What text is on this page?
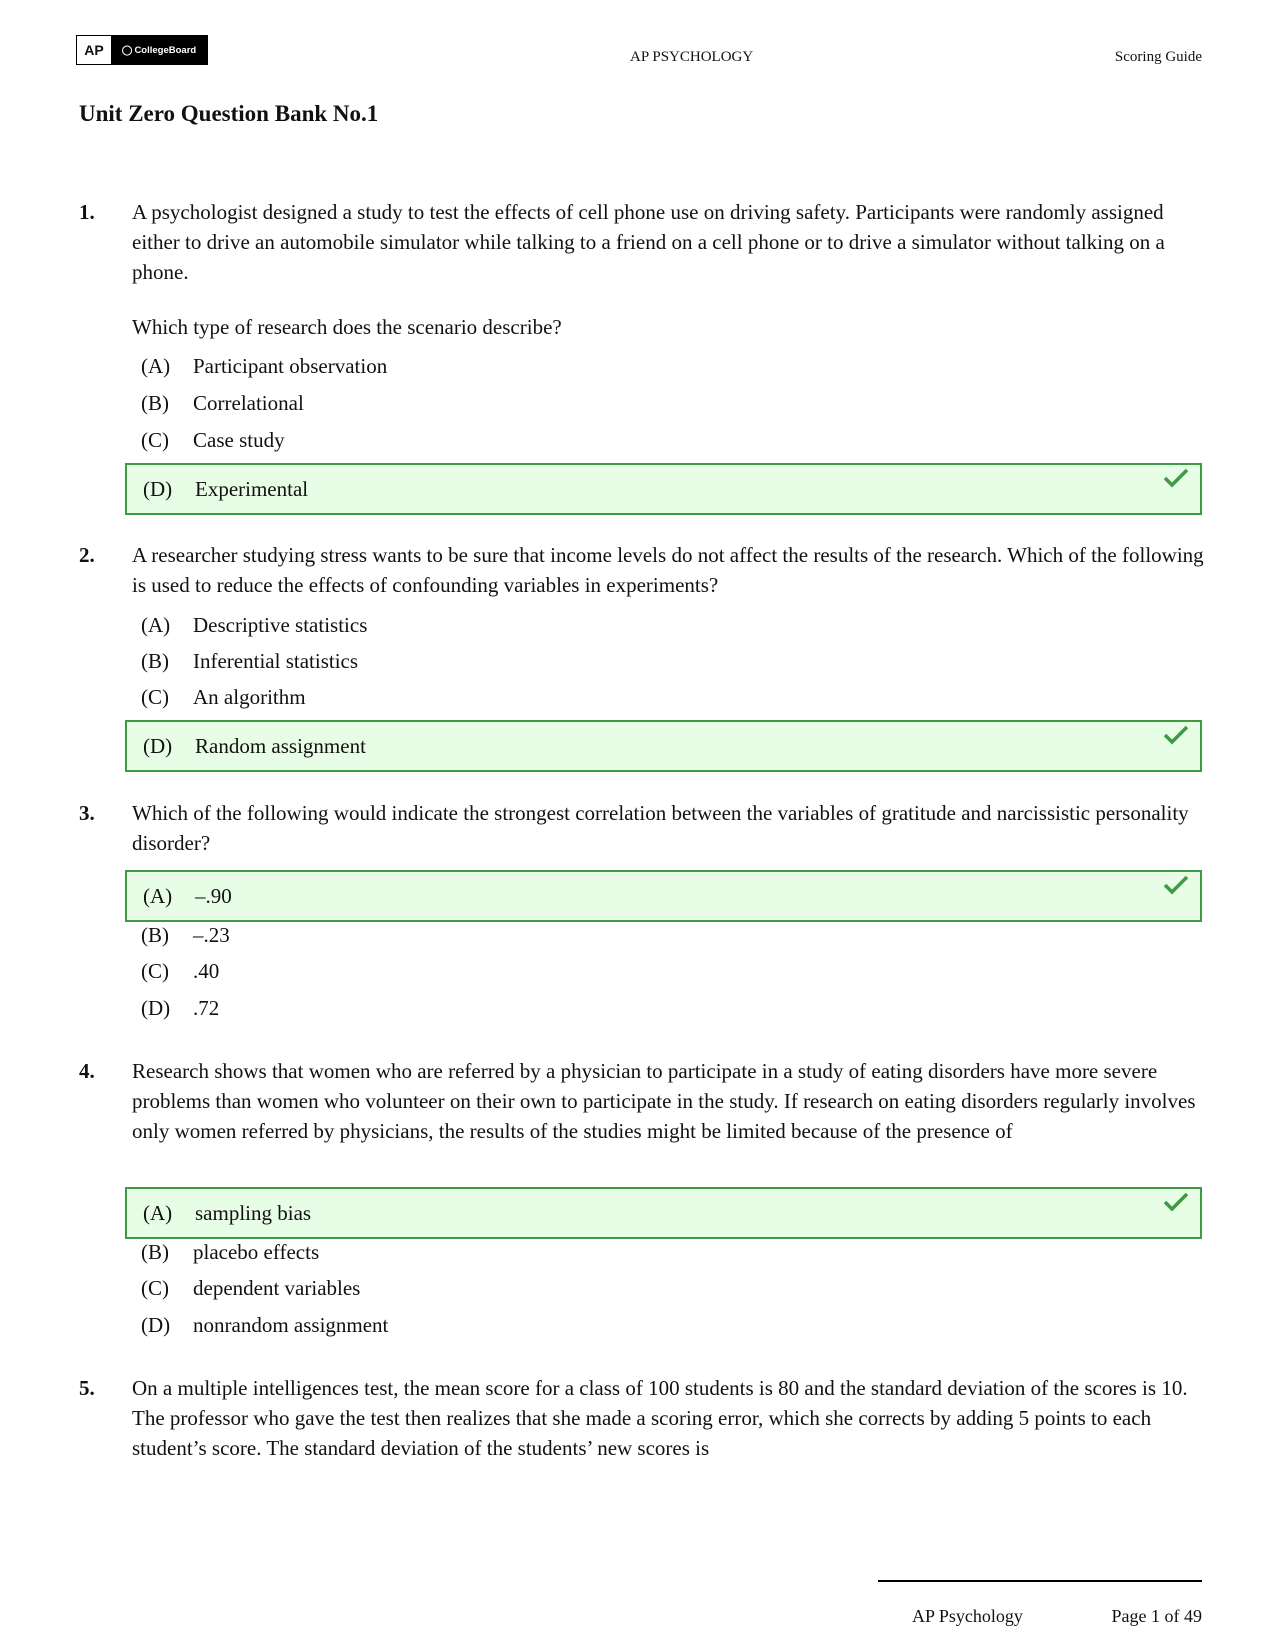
AP	◯ CollegeBoard	AP PSYCHOLOGY	Scoring Guide
Unit Zero Question Bank No.1
1. A psychologist designed a study to test the effects of cell phone use on driving safety. Participants were randomly assigned either to drive an automobile simulator while talking to a friend on a cell phone or to drive a simulator without talking on a phone.
Which type of research does the scenario describe?
(A) Participant observation
(B) Correlational
(C) Case study
(D) Experimental
2. A researcher studying stress wants to be sure that income levels do not affect the results of the research. Which of the following is used to reduce the effects of confounding variables in experiments?
(A) Descriptive statistics
(B) Inferential statistics
(C) An algorithm
(D) Random assignment
3. Which of the following would indicate the strongest correlation between the variables of gratitude and narcissistic personality disorder?
(A) –.90
(B) –.23
(C) .40
(D) .72
4. Research shows that women who are referred by a physician to participate in a study of eating disorders have more severe problems than women who volunteer on their own to participate in the study. If research on eating disorders regularly involves only women referred by physicians, the results of the studies might be limited because of the presence of
(A) sampling bias
(B) placebo effects
(C) dependent variables
(D) nonrandom assignment
5. On a multiple intelligences test, the mean score for a class of 100 students is 80 and the standard deviation of the scores is 10. The professor who gave the test then realizes that she made a scoring error, which she corrects by adding 5 points to each student’s score. The standard deviation of the students’ new scores is
AP Psychology	Page 1 of 49
